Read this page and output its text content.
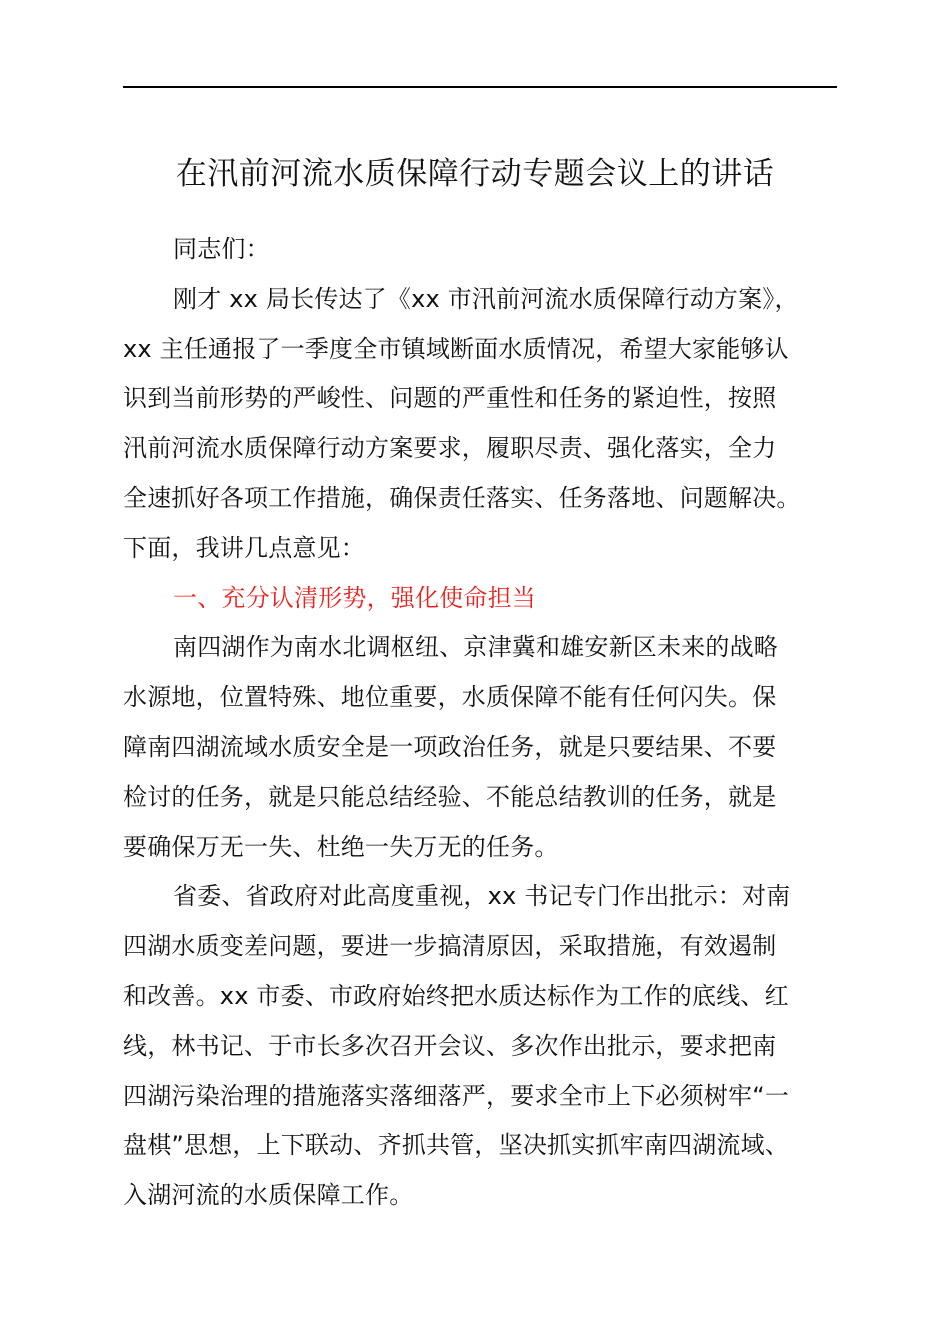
在汛前河流水质保障行动专题会议上的讲话
同志们：
刚才 xx 局长传达了《xx 市汛前河流水质保障行动方案》，
xx 主任通报了一季度全市镇域断面水质情况，希望大家能够认
识到当前形势的严峻性、问题的严重性和任务的紧迫性，按照
汛前河流水质保障行动方案要求，履职尽责、强化落实，全力
全速抓好各项工作措施，确保责任落实、任务落地、问题解决。
下面，我讲几点意见：
一、充分认清形势，强化使命担当
南四湖作为南水北调枢纽、京津冀和雄安新区未来的战略
水源地，位置特殊、地位重要，水质保障不能有任何闪失。保
障南四湖流域水质安全是一项政治任务，就是只要结果、不要
检讨的任务，就是只能总结经验、不能总结教训的任务，就是
要确保万无一失、杜绝一失万无的任务。
省委、省政府对此高度重视，xx 书记专门作出批示：对南
四湖水质变差问题，要进一步搞清原因，采取措施，有效遏制
和改善。xx 市委、市政府始终把水质达标作为工作的底线、红
线，林书记、于市长多次召开会议、多次作出批示，要求把南
四湖污染治理的措施落实落细落严，要求全市上下必须树牢“一
盘棋”思想，上下联动、齐抓共管，坚决抓实抓牢南四湖流域、
入湖河流的水质保障工作。
